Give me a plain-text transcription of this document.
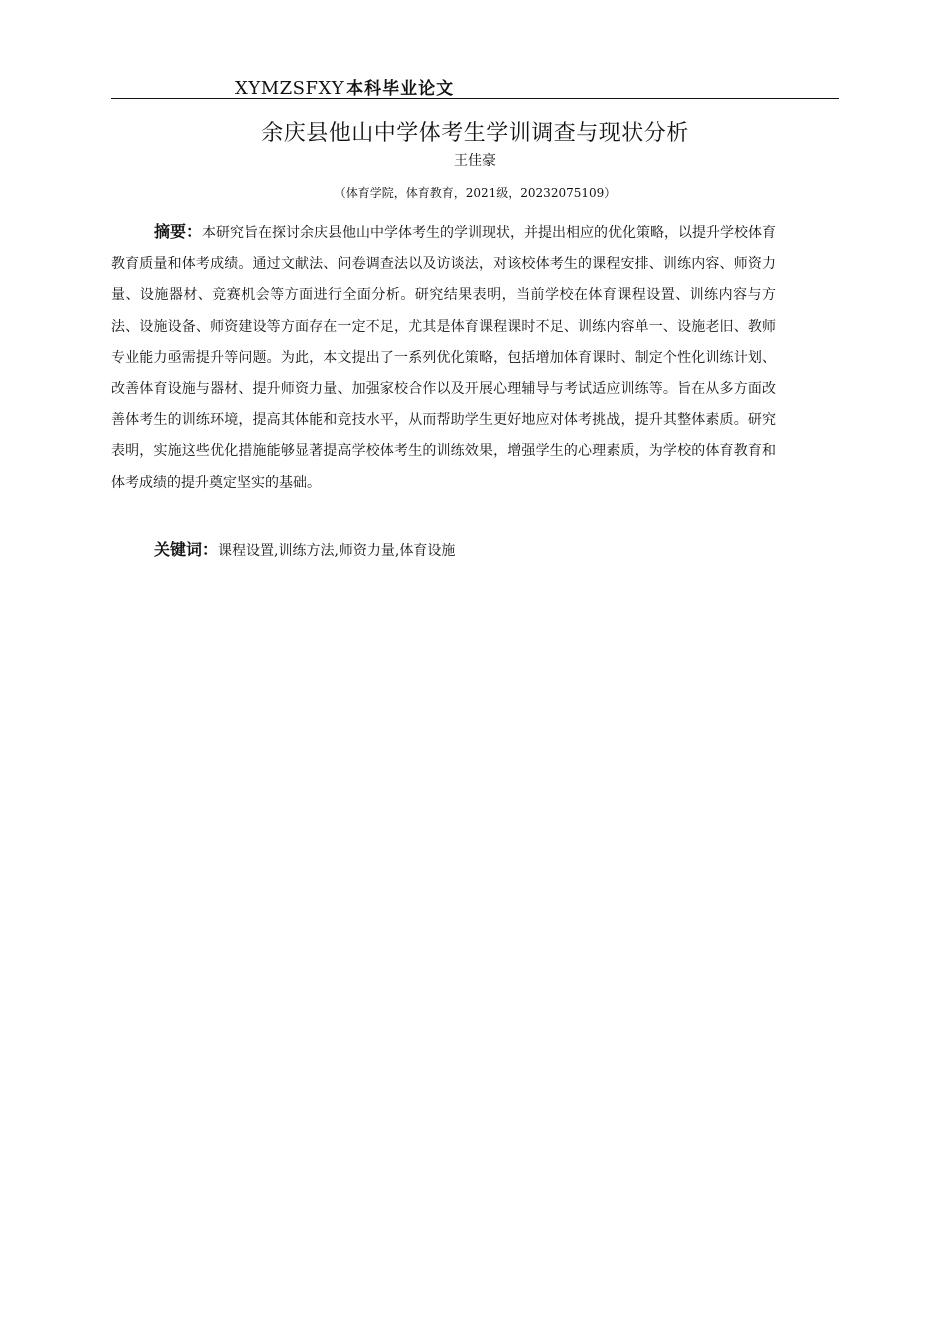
XYMZSFXY 本科毕业论文
余庆县他山中学体考生学训调查与现状分析
王佳豪
（体育学院，体育教育，2021级，20232075109）

摘要：本研究旨在探讨余庆县他山中学体考生的学训现状，并提出相应的优化策略，以提升学校体育教育质量和体考成绩。通过文献法、问卷调查法以及访谈法，对该校体考生的课程安排、训练内容、师资力量、设施器材、竞赛机会等方面进行全面分析。研究结果表明，当前学校在体育课程设置、训练内容与方法、设施设备、师资建设等方面存在一定不足，尤其是体育课程课时不足、训练内容单一、设施老旧、教师专业能力亟需提升等问题。为此，本文提出了一系列优化策略，包括增加体育课时、制定个性化训练计划、改善体育设施与器材、提升师资力量、加强家校合作以及开展心理辅导与考试适应训练等。旨在从多方面改善体考生的训练环境，提高其体能和竞技水平，从而帮助学生更好地应对体考挑战，提升其整体素质。研究表明，实施这些优化措施能够显著提高学校体考生的训练效果，增强学生的心理素质，为学校的体育教育和体考成绩的提升奠定坚实的基础。

关键词：课程设置,训练方法,师资力量,体育设施
